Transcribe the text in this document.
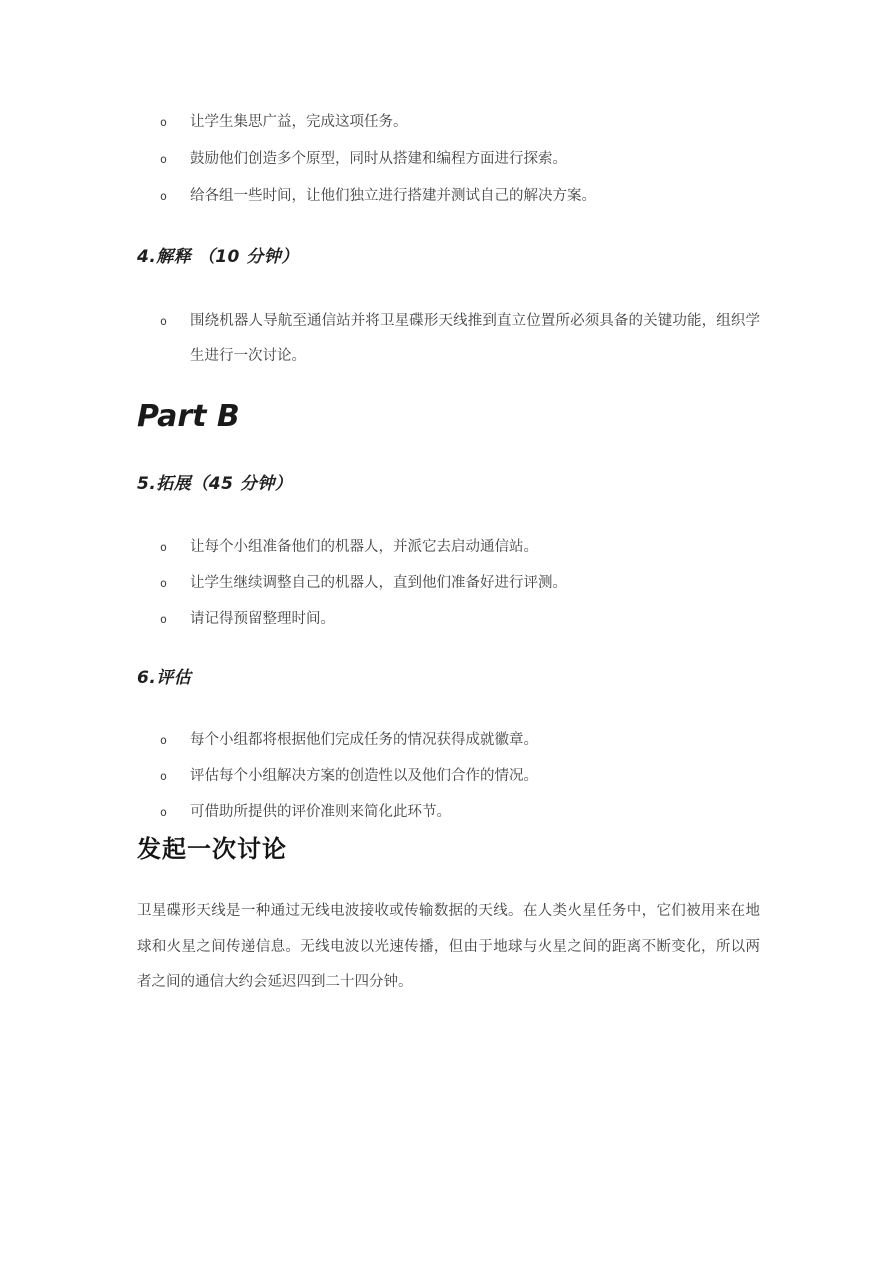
o	让学生集思广益，完成这项任务。
o	鼓励他们创造多个原型，同时从搭建和编程方面进行探索。
o	给各组一些时间，让他们独立进行搭建并测试自己的解决方案。
4.解释 （10 分钟）
o	围绕机器人导航至通信站并将卫星碟形天线推到直立位置所必须具备的关键功能，组织学生进行一次讨论。
Part B
5.拓展（45 分钟）
o	让每个小组准备他们的机器人，并派它去启动通信站。
o	让学生继续调整自己的机器人，直到他们准备好进行评测。
o	请记得预留整理时间。
6.评估
o	每个小组都将根据他们完成任务的情况获得成就徽章。
o	评估每个小组解决方案的创造性以及他们合作的情况。
o	可借助所提供的评价准则来简化此环节。
发起一次讨论

卫星碟形天线是一种通过无线电波接收或传输数据的天线。在人类火星任务中，它们被用来在地球和火星之间传递信息。无线电波以光速传播，但由于地球与火星之间的距离不断变化，所以两者之间的通信大约会延迟四到二十四分钟。
